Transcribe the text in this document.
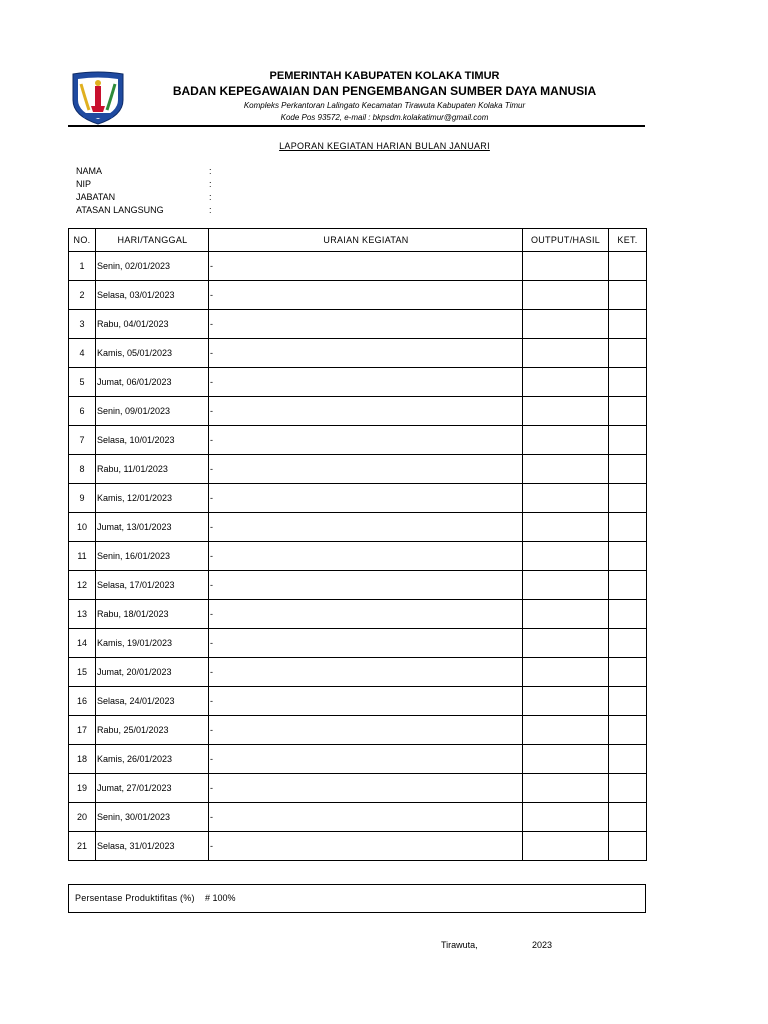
PEMERINTAH KABUPATEN KOLAKA TIMUR
BADAN KEPEGAWAIAN DAN PENGEMBANGAN SUMBER DAYA MANUSIA
Kompleks Perkantoran Lalingato Kecamatan Tirawuta Kabupaten Kolaka Timur
Kode Pos 93572, e-mail : bkpsdm.kolakatimur@gmail.com
LAPORAN KEGIATAN HARIAN BULAN JANUARI
NAMA	:
NIP	:
JABATAN	:
ATASAN LANGSUNG	:
NO.	HARI/TANGGAL	URAIAN KEGIATAN	OUTPUT/HASIL	KET.
1	Senin, 02/01/2023	-		
2	Selasa, 03/01/2023	-		
3	Rabu, 04/01/2023	-		
4	Kamis, 05/01/2023	-		
5	Jumat, 06/01/2023	-		
6	Senin, 09/01/2023	-		
7	Selasa, 10/01/2023	-		
8	Rabu, 11/01/2023	-		
9	Kamis, 12/01/2023	-		
10	Jumat, 13/01/2023	-		
11	Senin, 16/01/2023	-		
12	Selasa, 17/01/2023	-		
13	Rabu, 18/01/2023	-		
14	Kamis, 19/01/2023	-		
15	Jumat, 20/01/2023	-		
16	Selasa, 24/01/2023	-		
17	Rabu, 25/01/2023	-		
18	Kamis, 26/01/2023	-		
19	Jumat, 27/01/2023	-		
20	Senin, 30/01/2023	-		
21	Selasa, 31/01/2023	-		
Persentase Produktifitas (%) # 100%
Tirawuta,	2023
